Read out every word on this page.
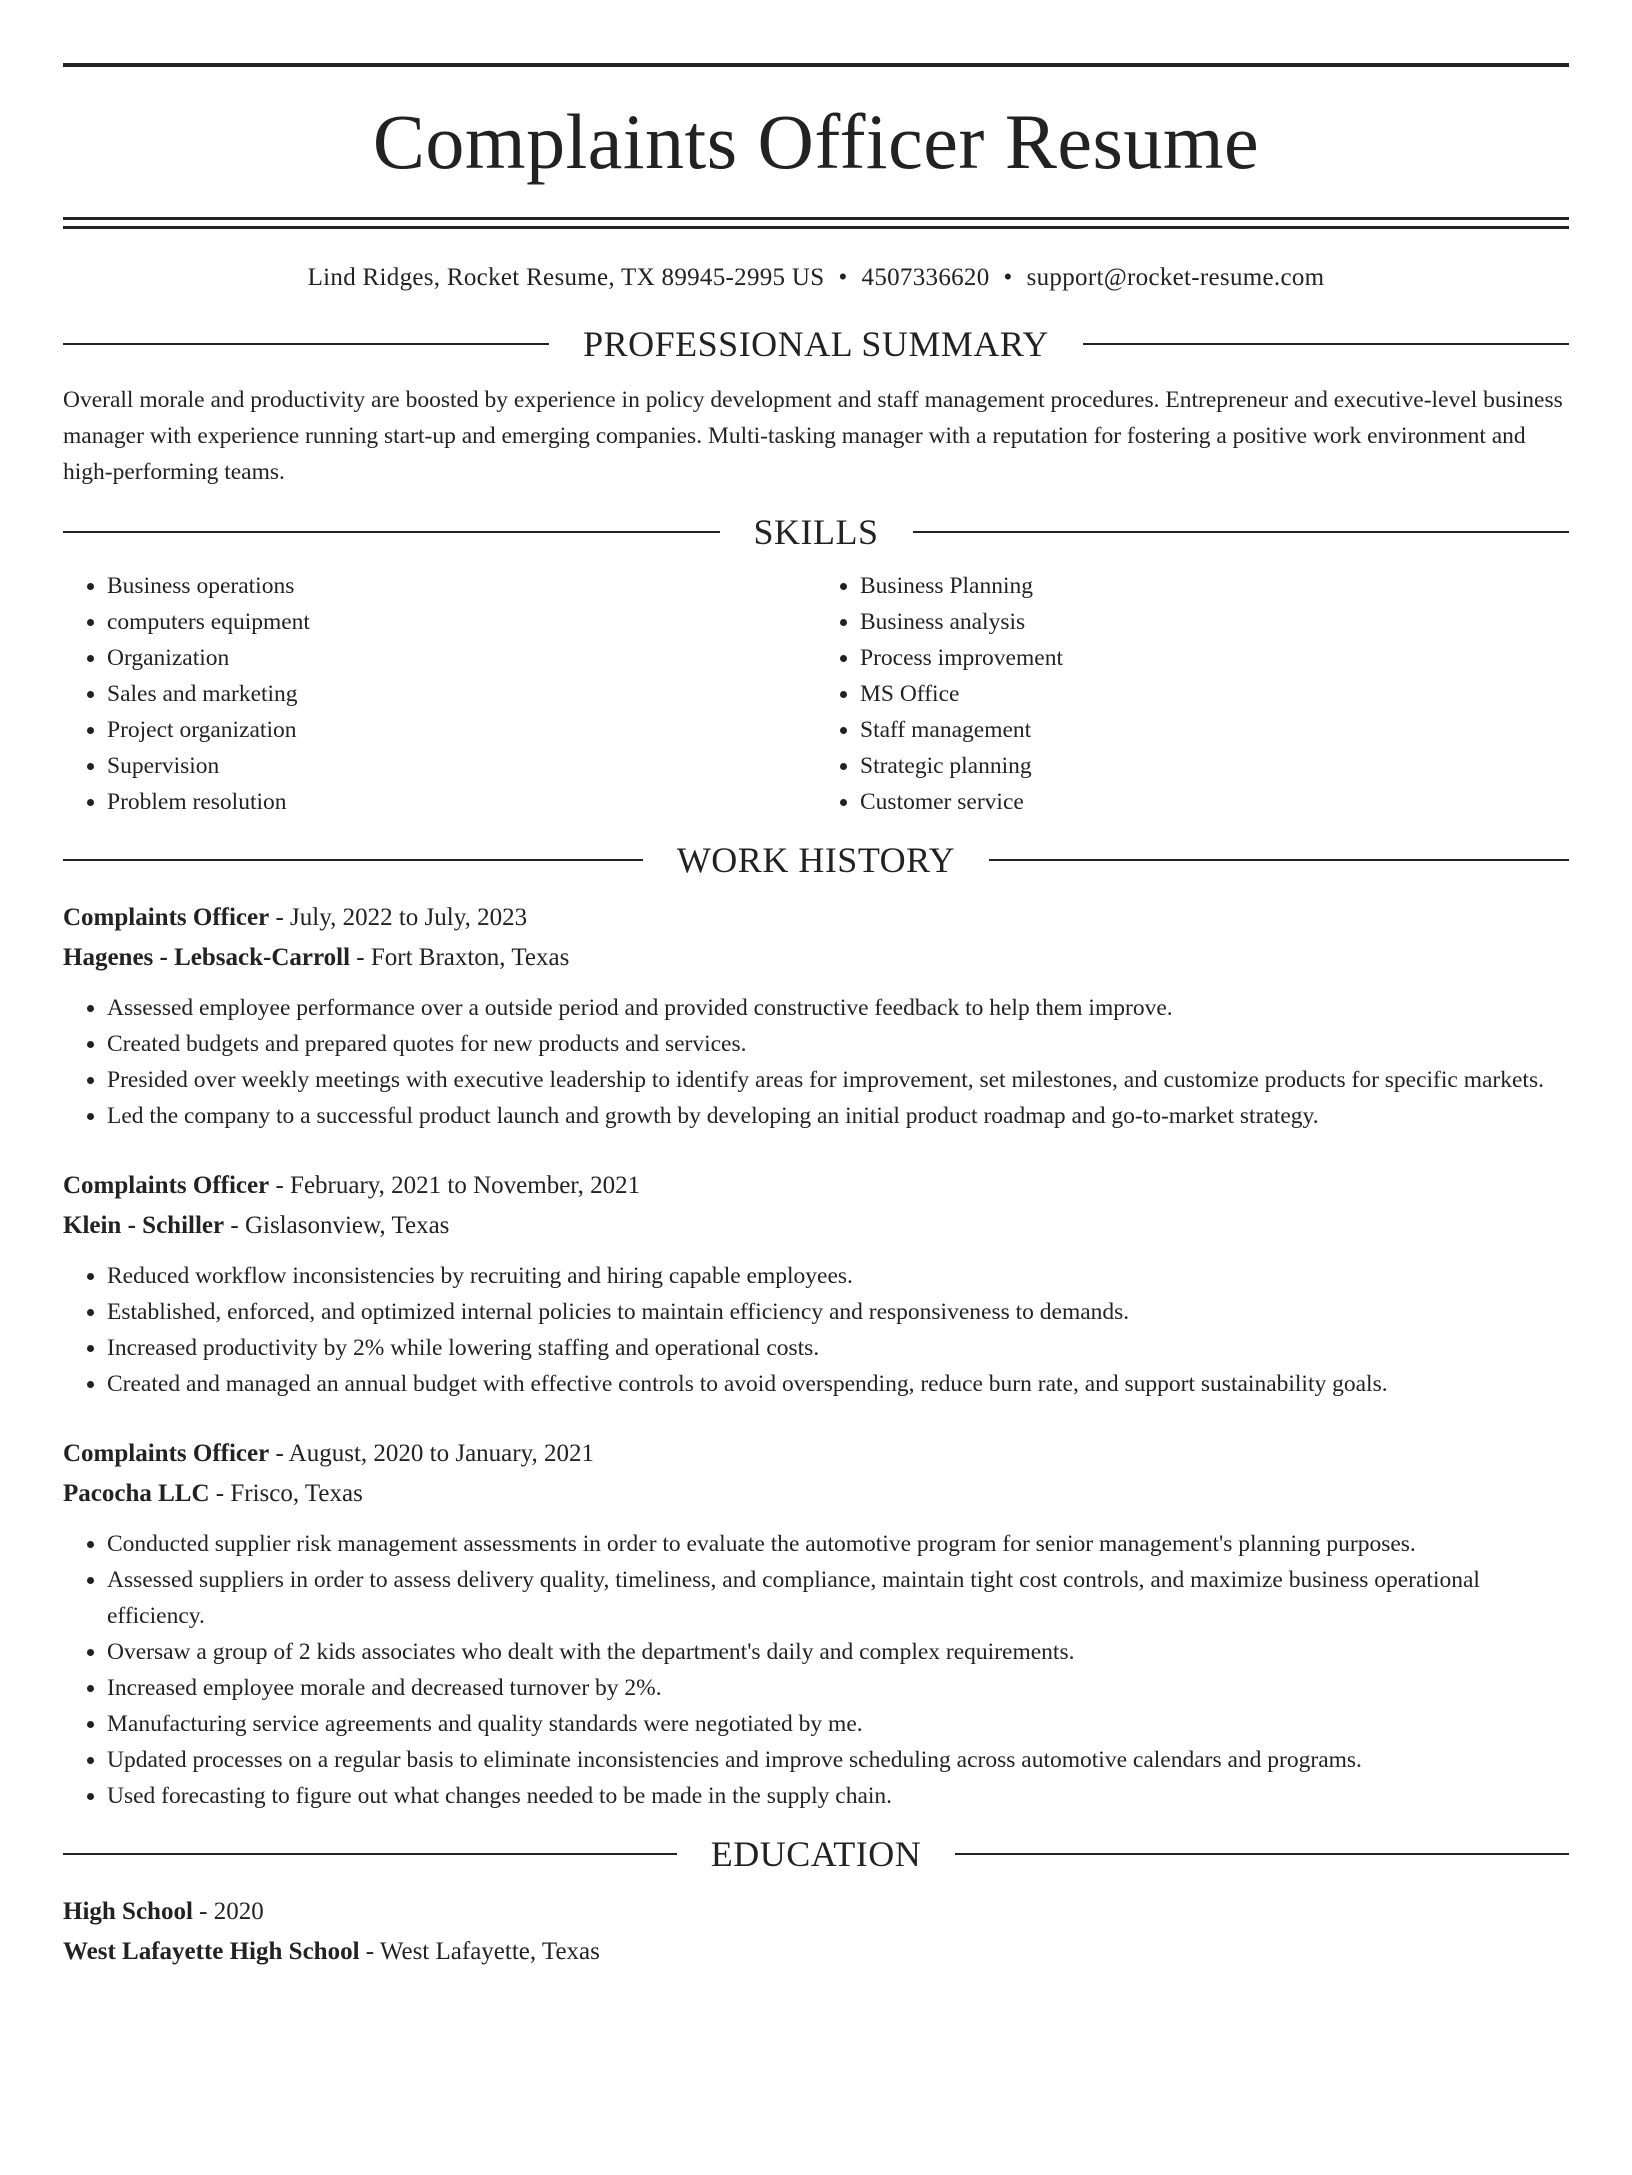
Complaints Officer Resume
Lind Ridges, Rocket Resume, TX 89945-2995 US • 4507336620 • support@rocket-resume.com
PROFESSIONAL SUMMARY

Overall morale and productivity are boosted by experience in policy development and staff management procedures. Entrepreneur and executive-level business manager with experience running start-up and emerging companies. Multi-tasking manager with a reputation for fostering a positive work environment and high-performing teams.

SKILLS
• Business operations
• computers equipment
• Organization
• Sales and marketing
• Project organization
• Supervision
• Problem resolution
• Business Planning
• Business analysis
• Process improvement
• MS Office
• Staff management
• Strategic planning
• Customer service
WORK HISTORY
Complaints Officer - July, 2022 to July, 2023
Hagenes - Lebsack-Carroll - Fort Braxton, Texas
• Assessed employee performance over a outside period and provided constructive feedback to help them improve.
• Created budgets and prepared quotes for new products and services.
• Presided over weekly meetings with executive leadership to identify areas for improvement, set milestones, and customize products for specific markets.
• Led the company to a successful product launch and growth by developing an initial product roadmap and go-to-market strategy.
Complaints Officer - February, 2021 to November, 2021
Klein - Schiller - Gislasonview, Texas
• Reduced workflow inconsistencies by recruiting and hiring capable employees.
• Established, enforced, and optimized internal policies to maintain efficiency and responsiveness to demands.
• Increased productivity by 2% while lowering staffing and operational costs.
• Created and managed an annual budget with effective controls to avoid overspending, reduce burn rate, and support sustainability goals.
Complaints Officer - August, 2020 to January, 2021
Pacocha LLC - Frisco, Texas
• Conducted supplier risk management assessments in order to evaluate the automotive program for senior management's planning purposes.
• Assessed suppliers in order to assess delivery quality, timeliness, and compliance, maintain tight cost controls, and maximize business operational efficiency.
• Oversaw a group of 2 kids associates who dealt with the department's daily and complex requirements.
• Increased employee morale and decreased turnover by 2%.
• Manufacturing service agreements and quality standards were negotiated by me.
• Updated processes on a regular basis to eliminate inconsistencies and improve scheduling across automotive calendars and programs.
• Used forecasting to figure out what changes needed to be made in the supply chain.
EDUCATION
High School - 2020
West Lafayette High School - West Lafayette, Texas
